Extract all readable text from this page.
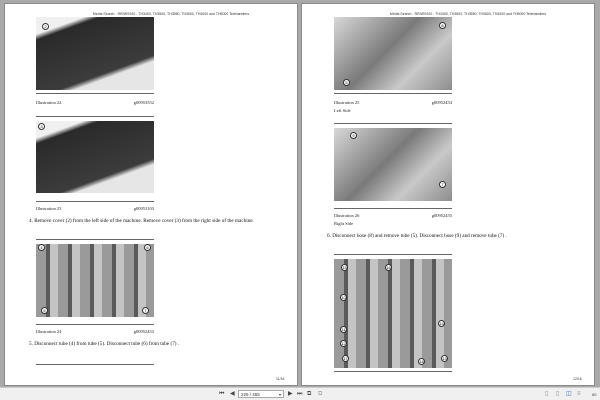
Media Search - RENR9192 - TH3400, TH3500, TH3550, TH3600, TH4000 and TH5000 Telehandlers
2
Illustration 22	g00953552
3
Illustration 23	g00953103
4. Remove cover (2) from the left side of the machine. Remove cover (3) from the right side of the machine.
4	6
5	7
Illustration 24	g00952453
5. Disconnect tube (4) from tube (5). Disconnect tube (6) from tube (7) .
11/16
Media Search - RENR9192 - TH3400, TH3500, TH3550, TH3600, TH4000 and TH5000 Telehandlers
8
5
Illustration 25	g00952454
Left Side
9
7
Illustration 26	g00952455
Right Side
6. Disconnect hose (8) and remove tube (5). Disconnect hose (9) and remove tube (7) .
15	16
10
14
11
12
17
18
13
12/16
⏮ ◀	225 / 455	▾ ▶ ⏭ ⧉ ⧉	▯ ▯ ◫ ≡	89
